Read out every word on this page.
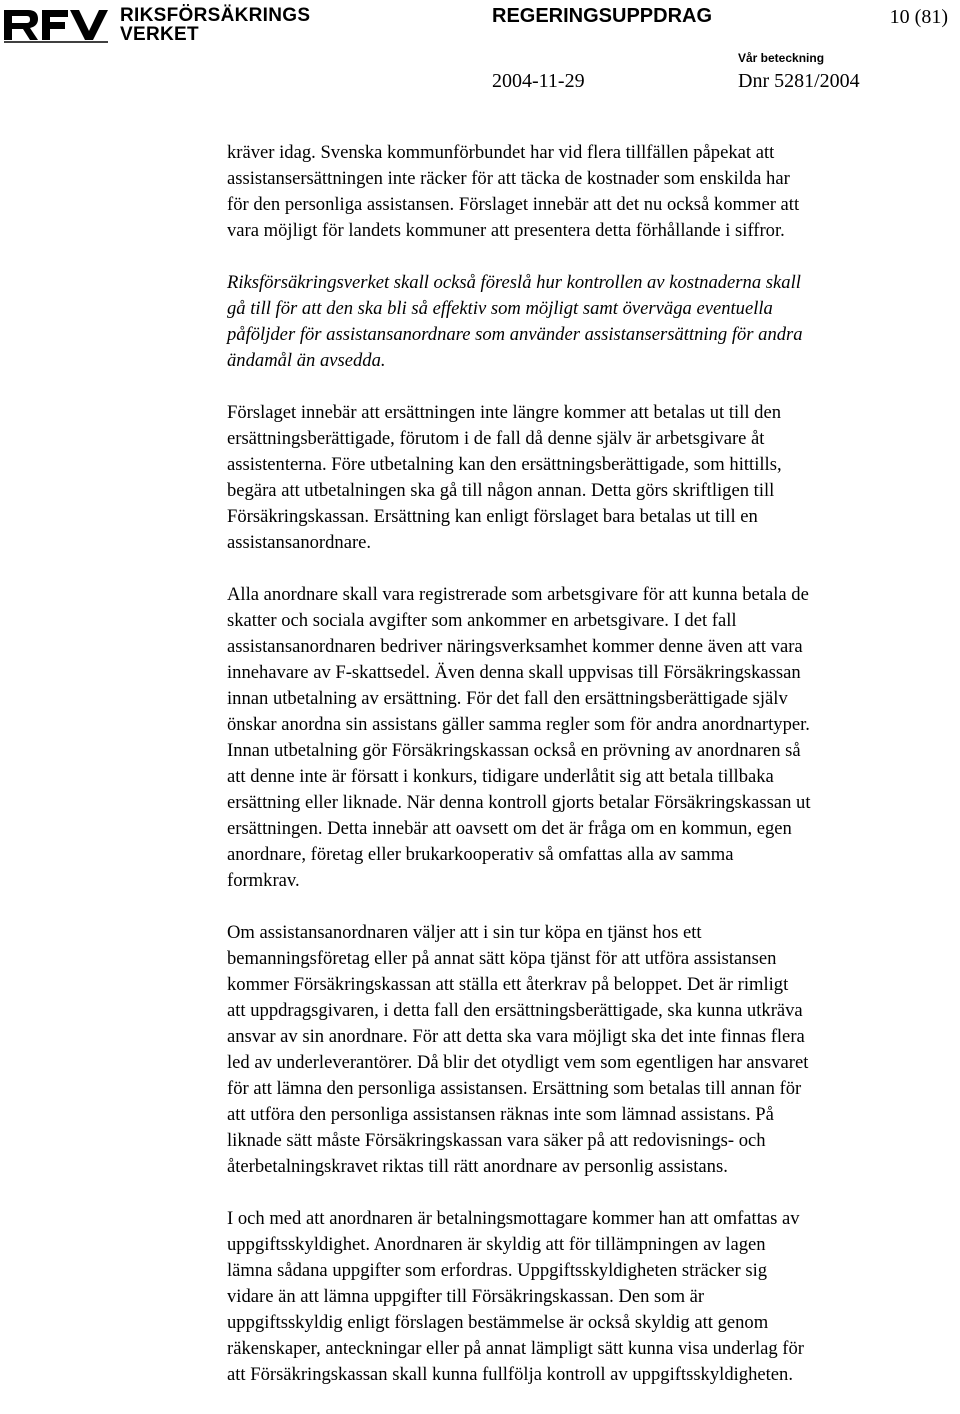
RIKSFÖRSÄKRINGS
VERKET
REGERINGSUPPDRAG	10 (81)
Vår beteckning
2004-11-29	Dnr 5281/2004

kräver idag. Svenska kommunförbundet har vid flera tillfällen påpekat att
assistansersättningen inte räcker för att täcka de kostnader som enskilda har
för den personliga assistansen. Förslaget innebär att det nu också kommer att
vara möjligt för landets kommuner att presentera detta förhållande i siffror.

Riksförsäkringsverket skall också föreslå hur kontrollen av kostnaderna skall
gå till för att den ska bli så effektiv som möjligt samt överväga eventuella
påföljder för assistansanordnare som använder assistansersättning för andra
ändamål än avsedda.

Förslaget innebär att ersättningen inte längre kommer att betalas ut till den
ersättningsberättigade, förutom i de fall då denne själv är arbetsgivare åt
assistenterna. Före utbetalning kan den ersättningsberättigade, som hittills,
begära att utbetalningen ska gå till någon annan. Detta görs skriftligen till
Försäkringskassan. Ersättning kan enligt förslaget bara betalas ut till en
assistansanordnare.

Alla anordnare skall vara registrerade som arbetsgivare för att kunna betala de
skatter och sociala avgifter som ankommer en arbetsgivare. I det fall
assistansanordnaren bedriver näringsverksamhet kommer denne även att vara
innehavare av F-skattsedel. Även denna skall uppvisas till Försäkringskassan
innan utbetalning av ersättning. För det fall den ersättningsberättigade själv
önskar anordna sin assistans gäller samma regler som för andra anordnartyper.
Innan utbetalning gör Försäkringskassan också en prövning av anordnaren så
att denne inte är försatt i konkurs, tidigare underlåtit sig att betala tillbaka
ersättning eller liknade. När denna kontroll gjorts betalar Försäkringskassan ut
ersättningen. Detta innebär att oavsett om det är fråga om en kommun, egen
anordnare, företag eller brukarkooperativ så omfattas alla av samma
formkrav.

Om assistansanordnaren väljer att i sin tur köpa en tjänst hos ett
bemanningsföretag eller på annat sätt köpa tjänst för att utföra assistansen
kommer Försäkringskassan att ställa ett återkrav på beloppet. Det är rimligt
att uppdragsgivaren, i detta fall den ersättningsberättigade, ska kunna utkräva
ansvar av sin anordnare. För att detta ska vara möjligt ska det inte finnas flera
led av underleverantörer. Då blir det otydligt vem som egentligen har ansvaret
för att lämna den personliga assistansen. Ersättning som betalas till annan för
att utföra den personliga assistansen räknas inte som lämnad assistans. På
liknade sätt måste Försäkringskassan vara säker på att redovisnings- och
återbetalningskravet riktas till rätt anordnare av personlig assistans.

I och med att anordnaren är betalningsmottagare kommer han att omfattas av
uppgiftsskyldighet. Anordnaren är skyldig att för tillämpningen av lagen
lämna sådana uppgifter som erfordras. Uppgiftsskyldigheten sträcker sig
vidare än att lämna uppgifter till Försäkringskassan. Den som är
uppgiftsskyldig enligt förslagen bestämmelse är också skyldig att genom
räkenskaper, anteckningar eller på annat lämpligt sätt kunna visa underlag för
att Försäkringskassan skall kunna fullfölja kontroll av uppgiftsskyldigheten.
